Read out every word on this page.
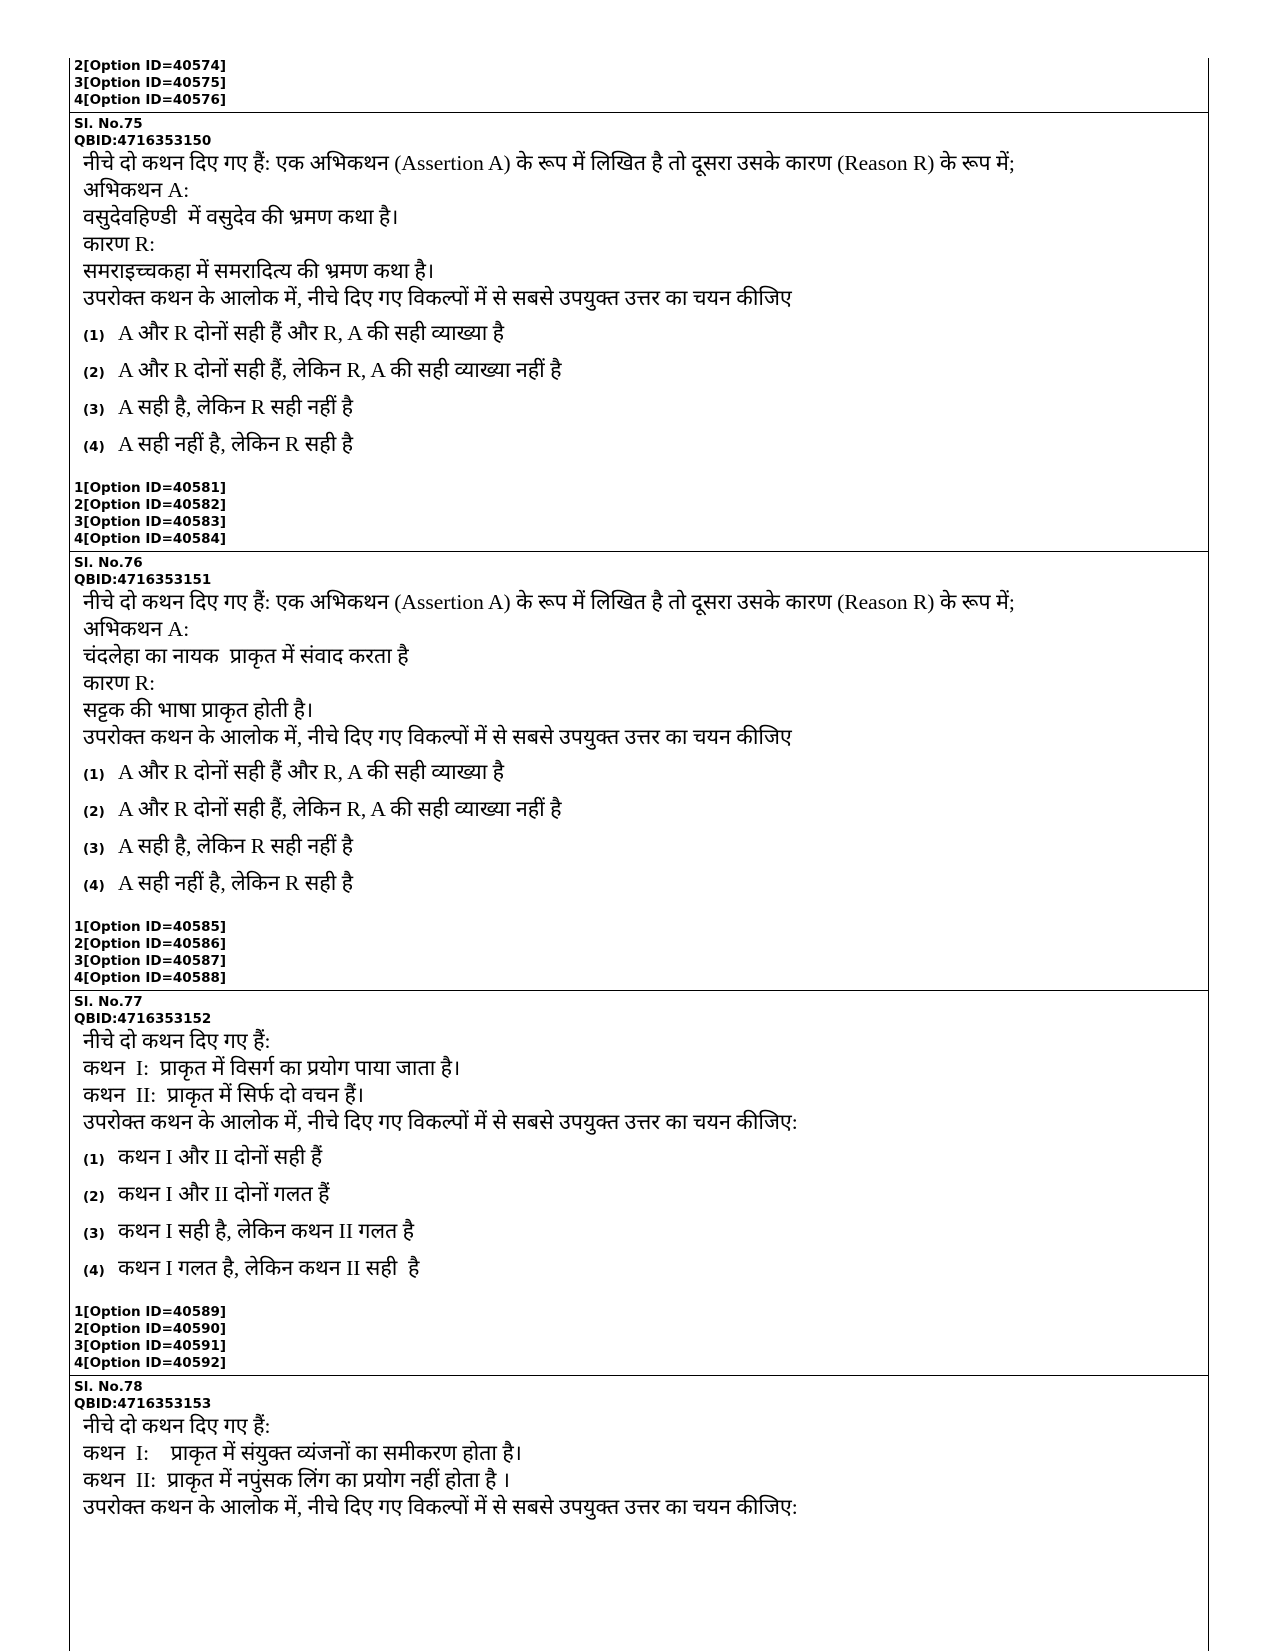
2[Option ID=40574]
3[Option ID=40575]
4[Option ID=40576]
Sl. No.75
QBID:4716353150
नीचे दो कथन दिए गए हैं: एक अभिकथन (Assertion A) के रूप में लिखित है तो दूसरा उसके कारण (Reason R) के रूप में;
अभिकथन A:
वसुदेवहिण्डी  में वसुदेव की भ्रमण कथा है।
कारण R:
समराइच्चकहा में समरादित्य की भ्रमण कथा है।
उपरोक्त कथन के आलोक में, नीचे दिए गए विकल्पों में से सबसे उपयुक्त उत्तर का चयन कीजिए
(1) A और R दोनों सही हैं और R, A की सही व्याख्या है
(2) A और R दोनों सही हैं, लेकिन R, A की सही व्याख्या नहीं है
(3) A सही है, लेकिन R सही नहीं है
(4) A सही नहीं है, लेकिन R सही है
1[Option ID=40581]
2[Option ID=40582]
3[Option ID=40583]
4[Option ID=40584]
Sl. No.76
QBID:4716353151
नीचे दो कथन दिए गए हैं: एक अभिकथन (Assertion A) के रूप में लिखित है तो दूसरा उसके कारण (Reason R) के रूप में;
अभिकथन A:
चंदलेहा का नायक  प्राकृत में संवाद करता है
कारण R:
सट्टक की भाषा प्राकृत होती है।
उपरोक्त कथन के आलोक में, नीचे दिए गए विकल्पों में से सबसे उपयुक्त उत्तर का चयन कीजिए
(1) A और R दोनों सही हैं और R, A की सही व्याख्या है
(2) A और R दोनों सही हैं, लेकिन R, A की सही व्याख्या नहीं है
(3) A सही है, लेकिन R सही नहीं है
(4) A सही नहीं है, लेकिन R सही है
1[Option ID=40585]
2[Option ID=40586]
3[Option ID=40587]
4[Option ID=40588]
Sl. No.77
QBID:4716353152
नीचे दो कथन दिए गए हैं:
कथन  I:  प्राकृत में विसर्ग का प्रयोग पाया जाता है।
कथन  II:  प्राकृत में सिर्फ दो वचन हैं।
उपरोक्त कथन के आलोक में, नीचे दिए गए विकल्पों में से सबसे उपयुक्त उत्तर का चयन कीजिए:
(1) कथन I और II दोनों सही हैं
(2) कथन I और II दोनों गलत हैं
(3) कथन I सही है, लेकिन कथन II गलत है
(4) कथन I गलत है, लेकिन कथन II सही  है
1[Option ID=40589]
2[Option ID=40590]
3[Option ID=40591]
4[Option ID=40592]
Sl. No.78
QBID:4716353153
नीचे दो कथन दिए गए हैं:
कथन  I:    प्राकृत में संयुक्त व्यंजनों का समीकरण होता है।
कथन  II:  प्राकृत में नपुंसक लिंग का प्रयोग नहीं होता है ।
उपरोक्त कथन के आलोक में, नीचे दिए गए विकल्पों में से सबसे उपयुक्त उत्तर का चयन कीजिए:
